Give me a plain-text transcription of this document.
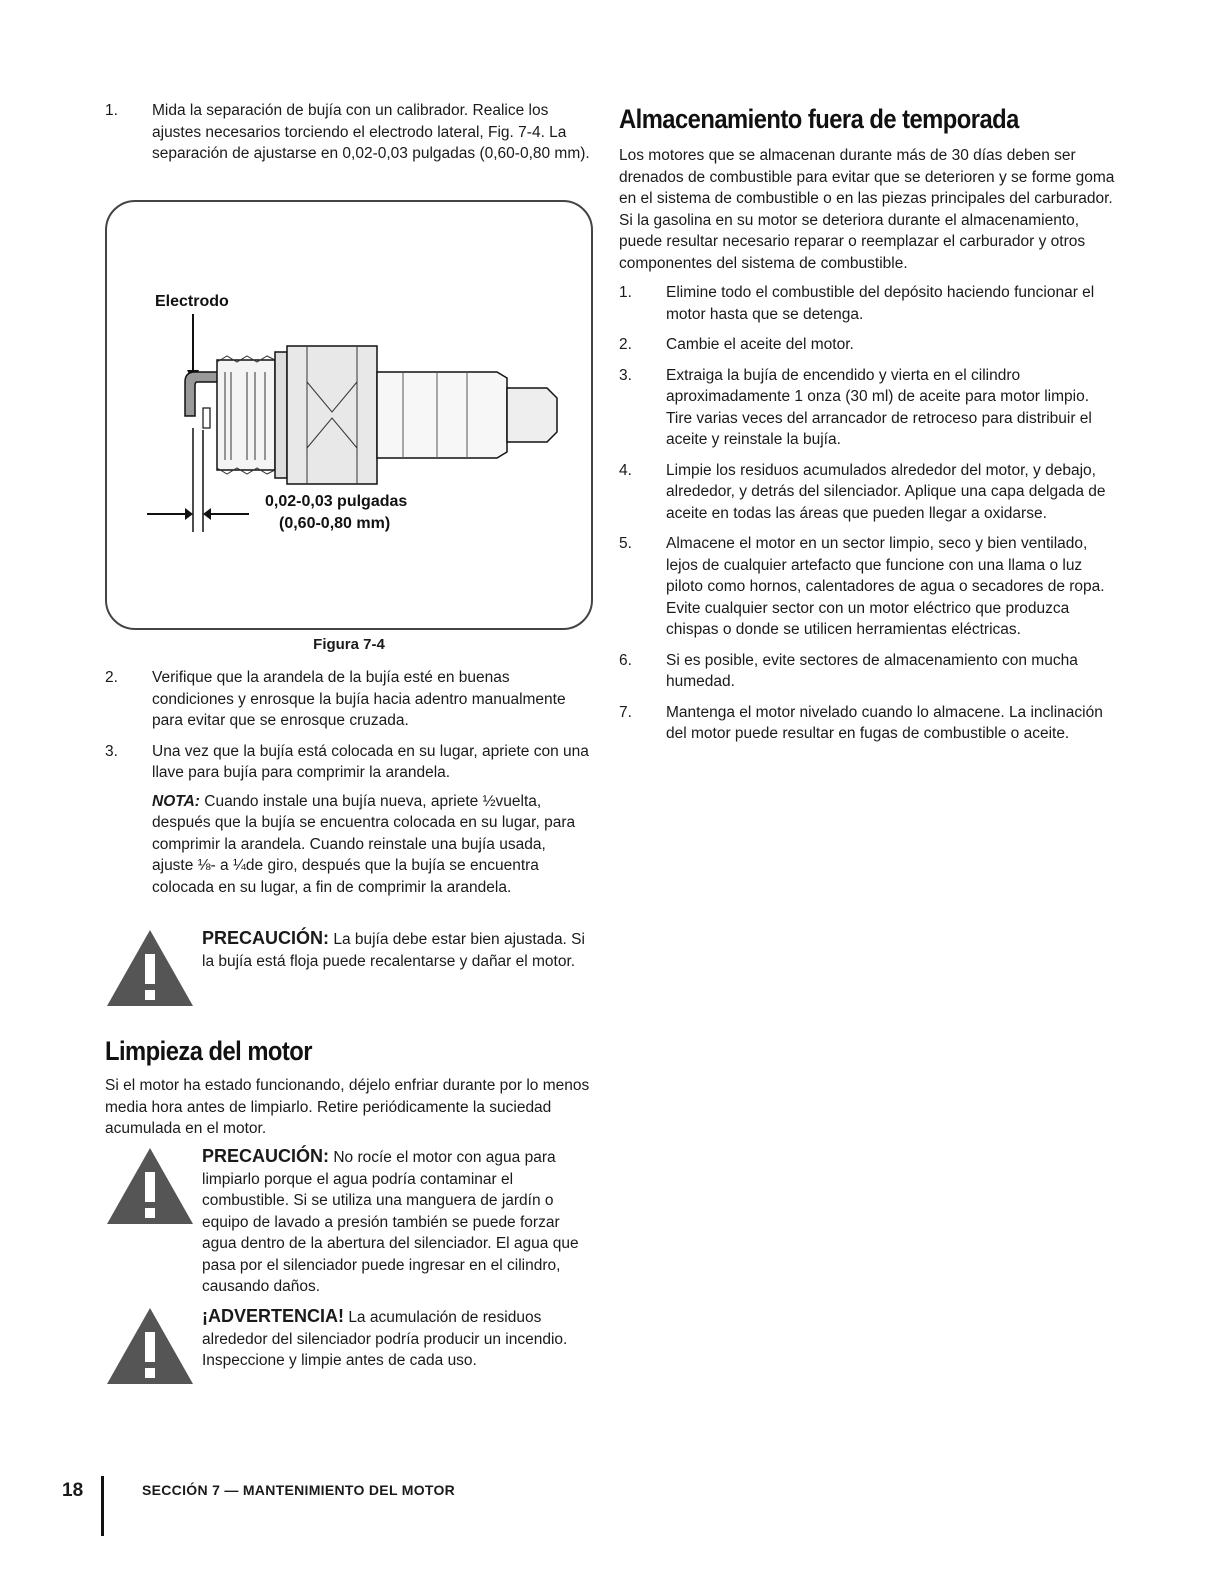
1. Mida la separación de bujía con un calibrador. Realice los ajustes necesarios torciendo el electrodo lateral, Fig. 7-4. La separación de ajustarse en 0,02-0,03 pulgadas (0,60-0,80 mm).

Electrodo
0,02-0,03 pulgadas
(0,60-0,80 mm)
Figura 7-4

2. Verifique que la arandela de la bujía esté en buenas condiciones y enrosque la bujía hacia adentro manualmente para evitar que se enrosque cruzada.

3. Una vez que la bujía está colocada en su lugar, apriete con una llave para bujía para comprimir la arandela.

NOTA: Cuando instale una bujía nueva, apriete ½vuelta, después que la bujía se encuentra colocada en su lugar, para comprimir la arandela. Cuando reinstale una bujía usada, ajuste ⅛- a ¼de giro, después que la bujía se encuentra colocada en su lugar, a fin de comprimir la arandela.

PRECAUCIÓN: La bujía debe estar bien ajustada. Si la bujía está floja puede recalentarse y dañar el motor.
Limpieza del motor

Si el motor ha estado funcionando, déjelo enfriar durante por lo menos media hora antes de limpiarlo. Retire periódicamente la suciedad acumulada en el motor.

PRECAUCIÓN: No rocíe el motor con agua para limpiarlo porque el agua podría contaminar el combustible. Si se utiliza una manguera de jardín o equipo de lavado a presión también se puede forzar agua dentro de la abertura del silenciador. El agua que pasa por el silenciador puede ingresar en el cilindro, causando daños.
¡ADVERTENCIA! La acumulación de residuos alrededor del silenciador podría producir un incendio. Inspeccione y limpie antes de cada uso.
Almacenamiento fuera de temporada

Los motores que se almacenan durante más de 30 días deben ser drenados de combustible para evitar que se deterioren y se forme goma en el sistema de combustible o en las piezas principales del carburador. Si la gasolina en su motor se deteriora durante el almacenamiento, puede resultar necesario reparar o reemplazar el carburador y otros componentes del sistema de combustible.

1. Elimine todo el combustible del depósito haciendo funcionar el motor hasta que se detenga.

2. Cambie el aceite del motor.

3. Extraiga la bujía de encendido y vierta en el cilindro aproximadamente 1 onza (30 ml) de aceite para motor limpio. Tire varias veces del arrancador de retroceso para distribuir el aceite y reinstale la bujía.

4. Limpie los residuos acumulados alrededor del motor, y debajo, alrededor, y detrás del silenciador. Aplique una capa delgada de aceite en todas las áreas que pueden llegar a oxidarse.

5. Almacene el motor en un sector limpio, seco y bien ventilado, lejos de cualquier artefacto que funcione con una llama o luz piloto como hornos, calentadores de agua o secadores de ropa. Evite cualquier sector con un motor eléctrico que produzca chispas o donde se utilicen herramientas eléctricas.

6. Si es posible, evite sectores de almacenamiento con mucha humedad.

7. Mantenga el motor nivelado cuando lo almacene. La inclinación del motor puede resultar en fugas de combustible o aceite.

18	SECCIÓN 7 — MANTENIMIENTO DEL MOTOR
